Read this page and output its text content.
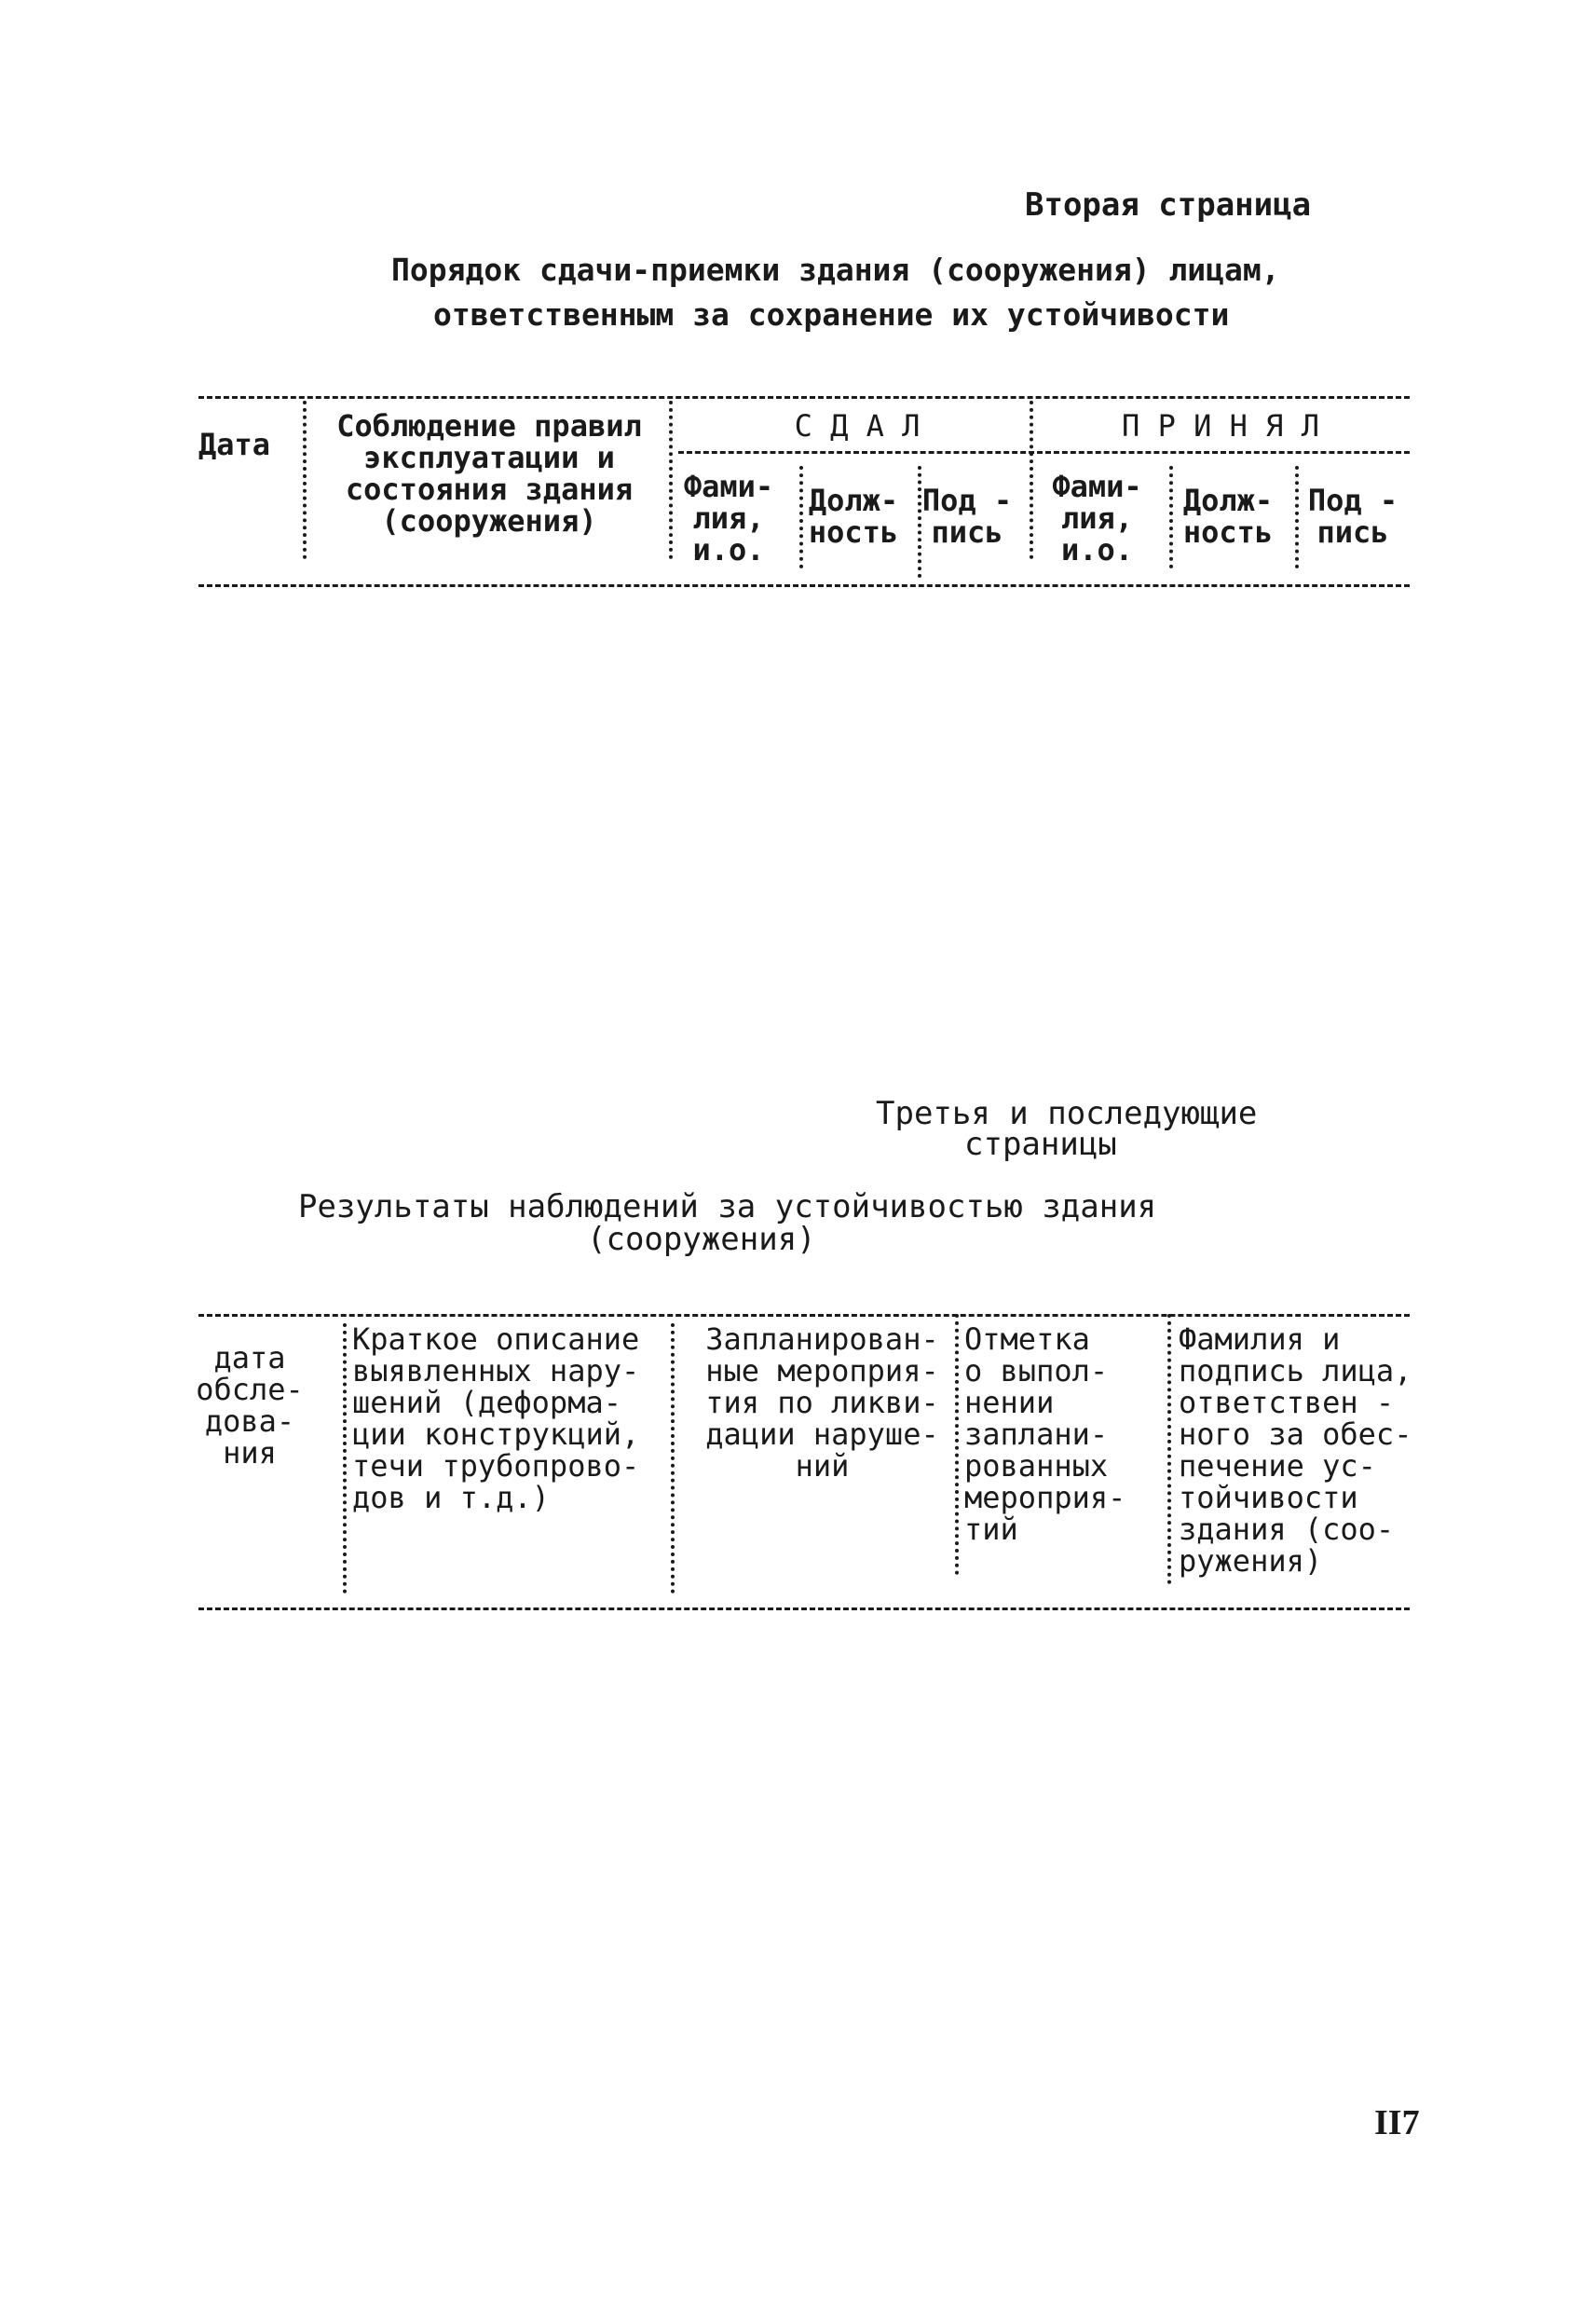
Вторая страница
Порядок сдачи-приемки здания (сооружения) лицам,
ответственным за сохранение их устойчивости
Дата
Соблюдение правил
эксплуатации и
состояния здания
(сооружения)
С Д А Л	П Р И Н Я Л
Фами-
лия,
и.о.
Долж-
ность
Под -
пись
Фами-
лия,
и.о.
Долж-
ность
Под -
пись
Третья и последующие
страницы
Результаты наблюдений за устойчивостью здания
(сооружения)
дата
обсле-
дова-
ния
Краткое описание
выявленных нару-
шений (деформа-
ции конструкций,
течи трубопрово-
дов и т.д.)
Запланирован-
ные мероприя-
тия по ликви-
дации наруше-
ний
Отметка
о выпол-
нении
заплани-
рованных
мероприя-
тий
Фамилия и
подпись лица,
ответствен -
ного за обес-
печение ус-
тойчивости
здания (соо-
ружения)
II7
